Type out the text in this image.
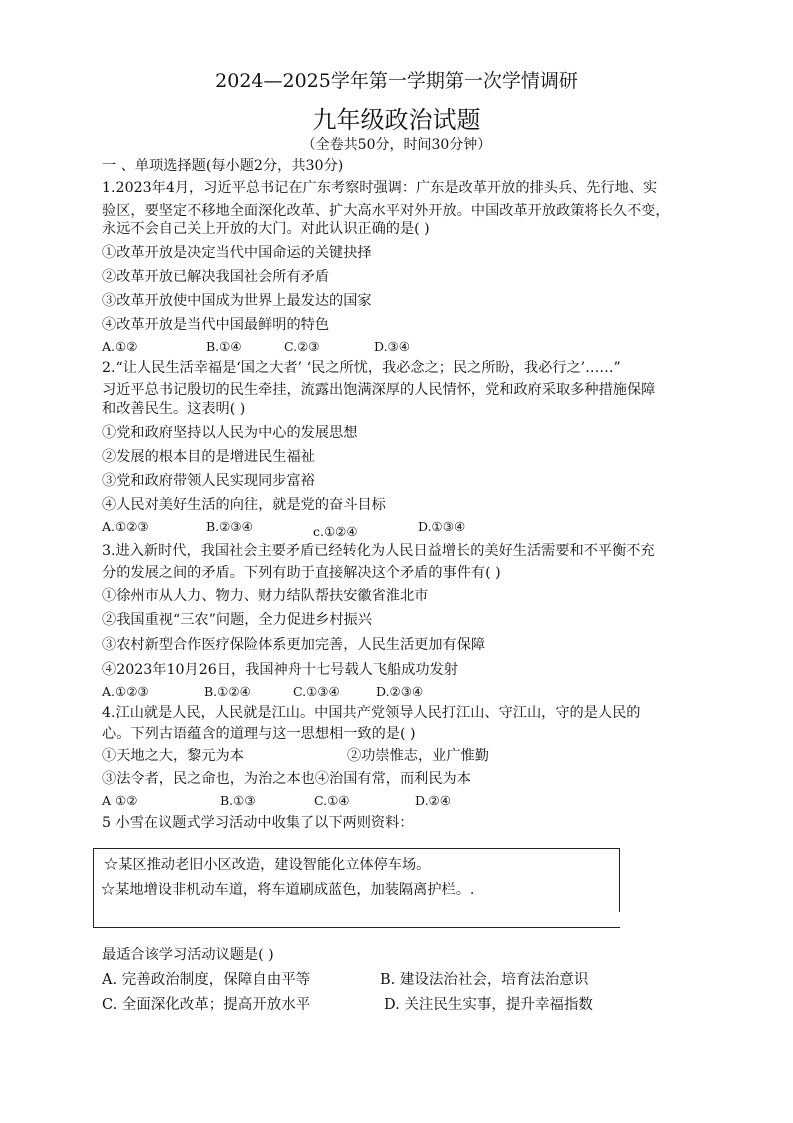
2024—2025学年第一学期第一次学情调研
九年级政治试题
（全卷共50分，时间30分钟）
一 、单项选择题(每小题2分，共30分)
1.2023年4月，习近平总书记在广东考察时强调：广东是改革开放的排头兵、先行地、实
验区，要坚定不移地全面深化改革、扩大高水平对外开放。中国改革开放政策将长久不变，
永远不会自己关上开放的大门。对此认识正确的是( )
①改革开放是决定当代中国命运的关键抉择
②改革开放已解决我国社会所有矛盾
③改革开放使中国成为世界上最发达的国家
④改革开放是当代中国最鲜明的特色
A.①②	B.①④	C.②③	D.③④
2.“让人民生活幸福是‘国之大者’ ‘民之所忧，我必念之；民之所盼，我必行之’……”
习近平总书记殷切的民生牵挂，流露出饱满深厚的人民情怀，党和政府采取多种措施保障
和改善民生。这表明( )
①党和政府坚持以人民为中心的发展思想
②发展的根本目的是增进民生福祉
③党和政府带领人民实现同步富裕
④人民对美好生活的向往，就是党的奋斗目标
A.①②③	B.②③④	c.①②④	D.①③④
3.进入新时代，我国社会主要矛盾已经转化为人民日益增长的美好生活需要和不平衡不充
分的发展之间的矛盾。下列有助于直接解决这个矛盾的事件有( )
①徐州市从人力、物力、财力结队帮扶安徽省淮北市
②我国重视“三农”问题，全力促进乡村振兴
③农村新型合作医疗保险体系更加完善，人民生活更加有保障
④2023年10月26日，我国神舟十七号载人飞船成功发射
A.①②③	B.①②④	C.①③④	D.②③④
4.江山就是人民，人民就是江山。中国共产党领导人民打江山、守江山，守的是人民的
心。下列古语蕴含的道理与这一思想相一致的是( )
①天地之大，黎元为本	②功崇惟志，业广惟勤
③法令者，民之命也，为治之本也④治国有常，而利民为本
A ①②	B.①③	C.①④	D.②④
5 小雪在议题式学习活动中收集了以下两则资料：
☆某区推动老旧小区改造，建设智能化立体停车场。
☆某地增设非机动车道，将车道刷成蓝色，加装隔离护栏。.
最适合该学习活动议题是( )
A. 完善政治制度，保障自由平等	B. 建设法治社会，培育法治意识
C. 全面深化改革；提高开放水平	D. 关注民生实事，提升幸福指数
